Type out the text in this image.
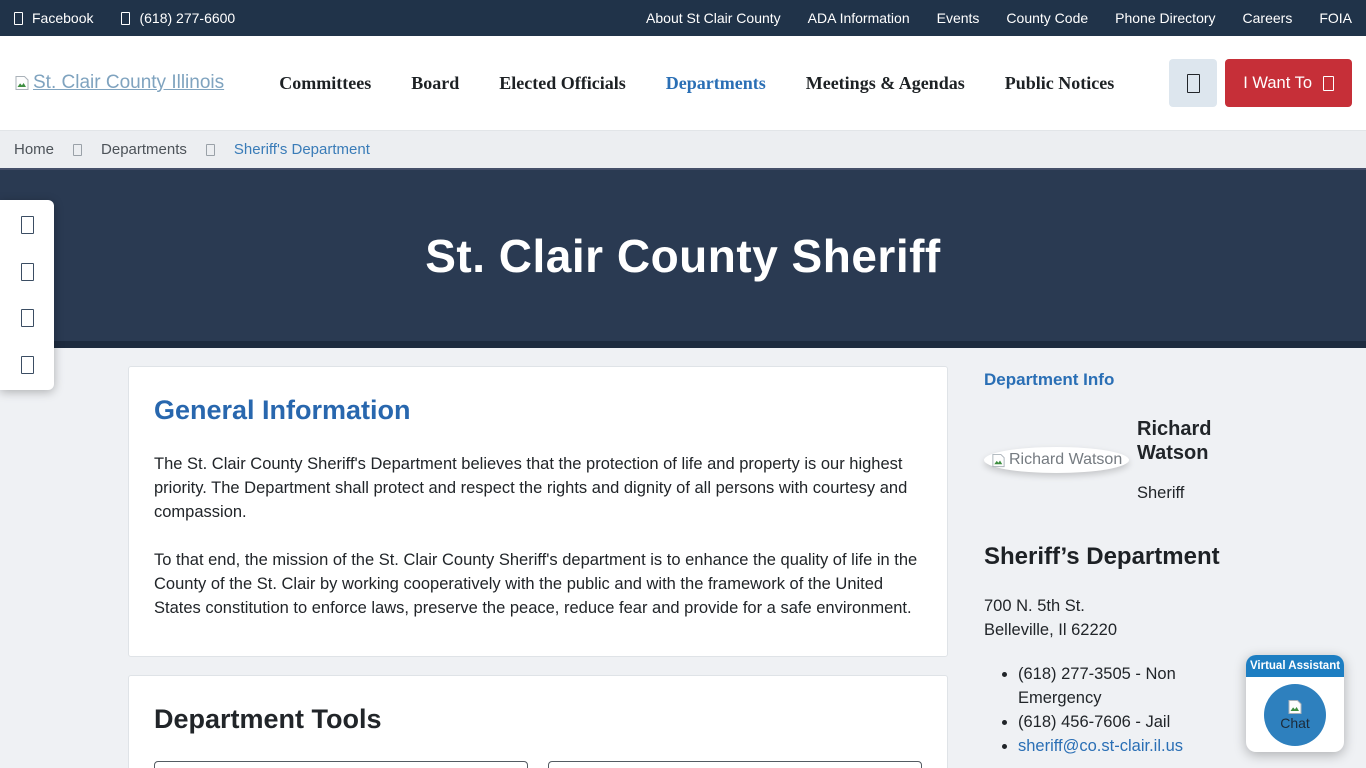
Facebook	(618) 277-6600	About St Clair County ADA Information Events County Code Phone Directory Careers FOIA
St. Clair County Illinois	Committees Board Elected Officials Departments Meetings & Agendas Public Notices	I Want To
Home	Departments	Sheriff's Department
St. Clair County Sheriff
General Information

The St. Clair County Sheriff's Department believes that the protection of life and property is our highest priority. The Department shall protect and respect the rights and dignity of all persons with courtesy and compassion.

To that end, the mission of the St. Clair County Sheriff's department is to enhance the quality of life in the County of the St. Clair by working cooperatively with the public and with the framework of the United States constitution to enforce laws, preserve the peace, reduce fear and provide for a safe environment.

Department Tools
Department Info
Richard Watson
Richard Watson
Sheriff
Sheriff’s Department
700 N. 5th St.
Belleville, Il 62220
• (618) 277-3505 - Non Emergency
• (618) 456-7606 - Jail
• sheriff@co.st-clair.il.us
Virtual Assistant
Chat
